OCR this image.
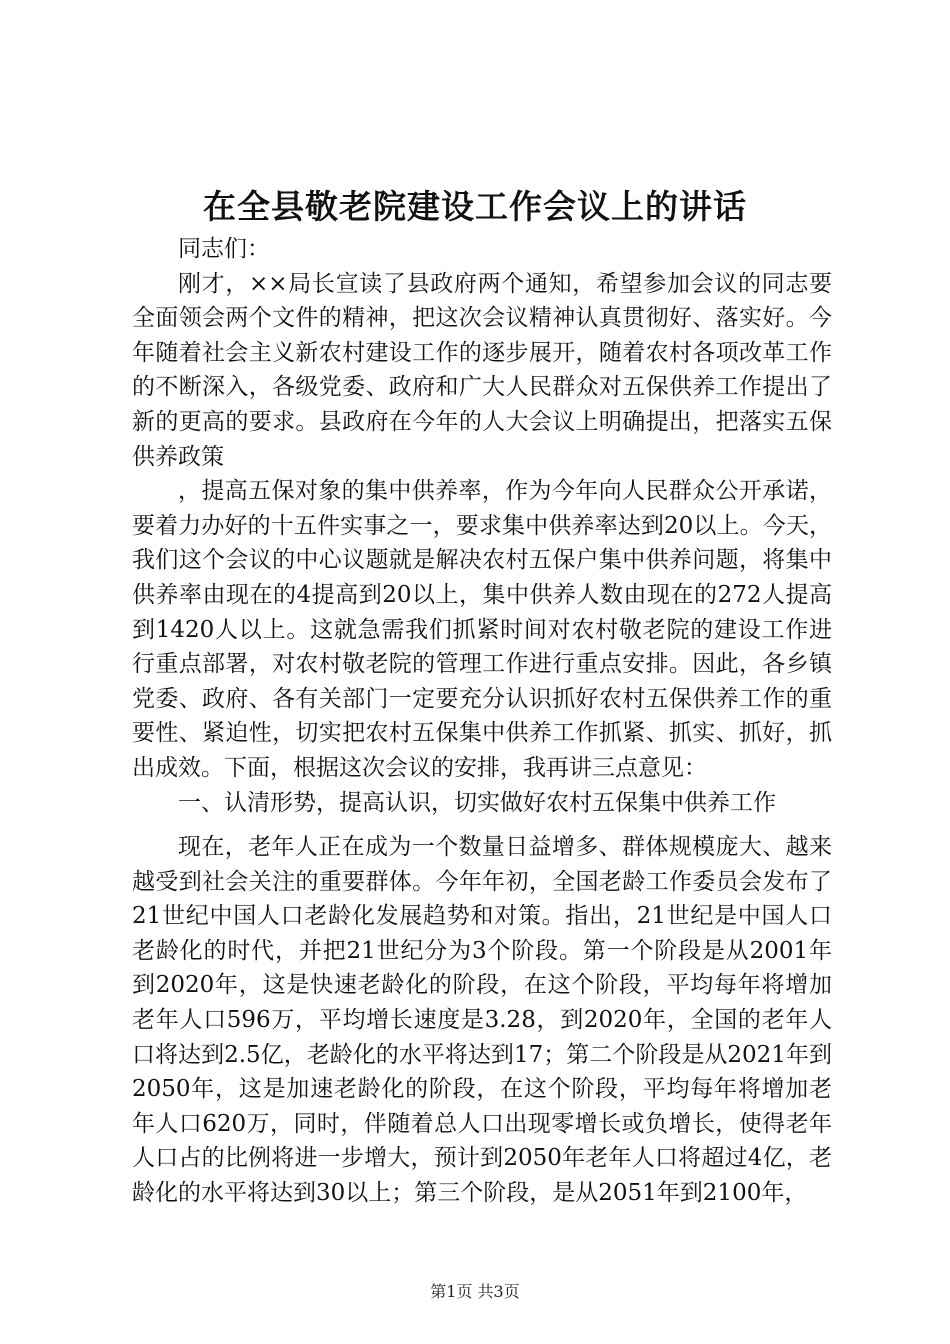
在全县敬老院建设工作会议上的讲话

同志们：

刚才，××局长宣读了县政府两个通知，希望参加会议的同志要全面领会两个文件的精神，把这次会议精神认真贯彻好、落实好。今年随着社会主义新农村建设工作的逐步展开，随着农村各项改革工作的不断深入，各级党委、政府和广大人民群众对五保供养工作提出了新的更高的要求。县政府在今年的人大会议上明确提出，把落实五保供养政策

，提高五保对象的集中供养率，作为今年向人民群众公开承诺，要着力办好的十五件实事之一，要求集中供养率达到20以上。今天，我们这个会议的中心议题就是解决农村五保户集中供养问题，将集中供养率由现在的4提高到20以上，集中供养人数由现在的272人提高到1420人以上。这就急需我们抓紧时间对农村敬老院的建设工作进行重点部署，对农村敬老院的管理工作进行重点安排。因此，各乡镇党委、政府、各有关部门一定要充分认识抓好农村五保供养工作的重要性、紧迫性，切实把农村五保集中供养工作抓紧、抓实、抓好，抓出成效。下面，根据这次会议的安排，我再讲三点意见：

一、认清形势，提高认识，切实做好农村五保集中供养工作

现在，老年人正在成为一个数量日益增多、群体规模庞大、越来越受到社会关注的重要群体。今年年初，全国老龄工作委员会发布了21世纪中国人口老龄化发展趋势和对策。指出，21世纪是中国人口老龄化的时代，并把21世纪分为3个阶段。第一个阶段是从2001年到2020年，这是快速老龄化的阶段，在这个阶段，平均每年将增加老年人口596万，平均增长速度是3.28，到2020年，全国的老年人口将达到2.5亿，老龄化的水平将达到17；第二个阶段是从2021年到2050年，这是加速老龄化的阶段，在这个阶段，平均每年将增加老年人口620万，同时，伴随着总人口出现零增长或负增长，使得老年人口占的比例将进一步增大，预计到2050年老年人口将超过4亿，老龄化的水平将达到30以上；第三个阶段，是从2051年到2100年，

第1页 共3页
